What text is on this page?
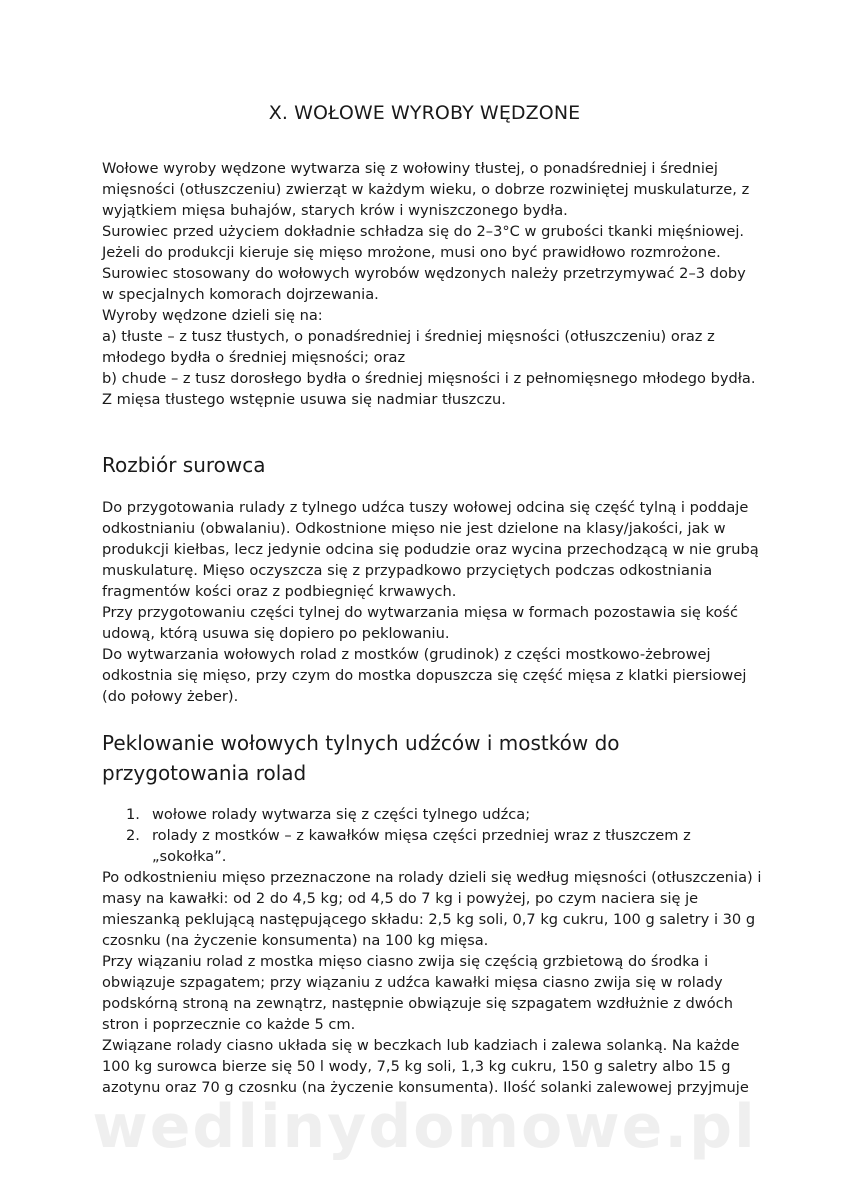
X. WOŁOWE WYROBY WĘDZONE

Wołowe wyroby wędzone wytwarza się z wołowiny tłustej, o ponadśredniej i średniej mięsności (otłuszczeniu) zwierząt w każdym wieku, o dobrze rozwiniętej muskulaturze, z wyjątkiem mięsa buhajów, starych krów i wyniszczonego bydła.

Surowiec przed użyciem dokładnie schładza się do 2–3°C w grubości tkanki mięśniowej. Jeżeli do produkcji kieruje się mięso mrożone, musi ono być prawidłowo rozmrożone.

Surowiec stosowany do wołowych wyrobów wędzonych należy przetrzymywać 2–3 doby w specjalnych komorach dojrzewania.

Wyroby wędzone dzieli się na:

a) tłuste – z tusz tłustych, o ponadśredniej i średniej mięsności (otłuszczeniu) oraz z młodego bydła o średniej mięsności; oraz

b) chude – z tusz dorosłego bydła o średniej mięsności i z pełnomięsnego młodego bydła.

Z mięsa tłustego wstępnie usuwa się nadmiar tłuszczu.

Rozbiór surowca

Do przygotowania rulady z tylnego udźca tuszy wołowej odcina się część tylną i poddaje odkostnianiu (obwalaniu). Odkostnione mięso nie jest dzielone na klasy/jakości, jak w produkcji kiełbas, lecz jedynie odcina się podudzie oraz wycina przechodzącą w nie grubą muskulaturę. Mięso oczyszcza się z przypadkowo przyciętych podczas odkostniania fragmentów kości oraz z podbiegnięć krwawych.

Przy przygotowaniu części tylnej do wytwarzania mięsa w formach pozostawia się kość udową, którą usuwa się dopiero po peklowaniu.

Do wytwarzania wołowych rolad z mostków (grudinok) z części mostkowo-żebrowej odkostnia się mięso, przy czym do mostka dopuszcza się część mięsa z klatki piersiowej (do połowy żeber).

Peklowanie wołowych tylnych udźców i mostków do przygotowania rolad
1. wołowe rolady wytwarza się z części tylnego udźca;
2. rolady z mostków – z kawałków mięsa części przedniej wraz z tłuszczem z „sokołka”.

Po odkostnieniu mięso przeznaczone na rolady dzieli się według mięsności (otłuszczenia) i masy na kawałki: od 2 do 4,5 kg; od 4,5 do 7 kg i powyżej, po czym naciera się je mieszanką peklującą następującego składu: 2,5 kg soli, 0,7 kg cukru, 100 g saletry i 30 g czosnku (na życzenie konsumenta) na 100 kg mięsa.

Przy wiązaniu rolad z mostka mięso ciasno zwija się częścią grzbietową do środka i obwiązuje szpagatem; przy wiązaniu z udźca kawałki mięsa ciasno zwija się w rolady podskórną stroną na zewnątrz, następnie obwiązuje się szpagatem wzdłużnie z dwóch stron i poprzecznie co każde 5 cm.

Związane rolady ciasno układa się w beczkach lub kadziach i zalewa solanką. Na każde 100 kg surowca bierze się 50 l wody, 7,5 kg soli, 1,3 kg cukru, 150 g saletry albo 15 g azotynu oraz 70 g czosnku (na życzenie konsumenta). Ilość solanki zalewowej przyjmuje

wedlinydomowe.pl
